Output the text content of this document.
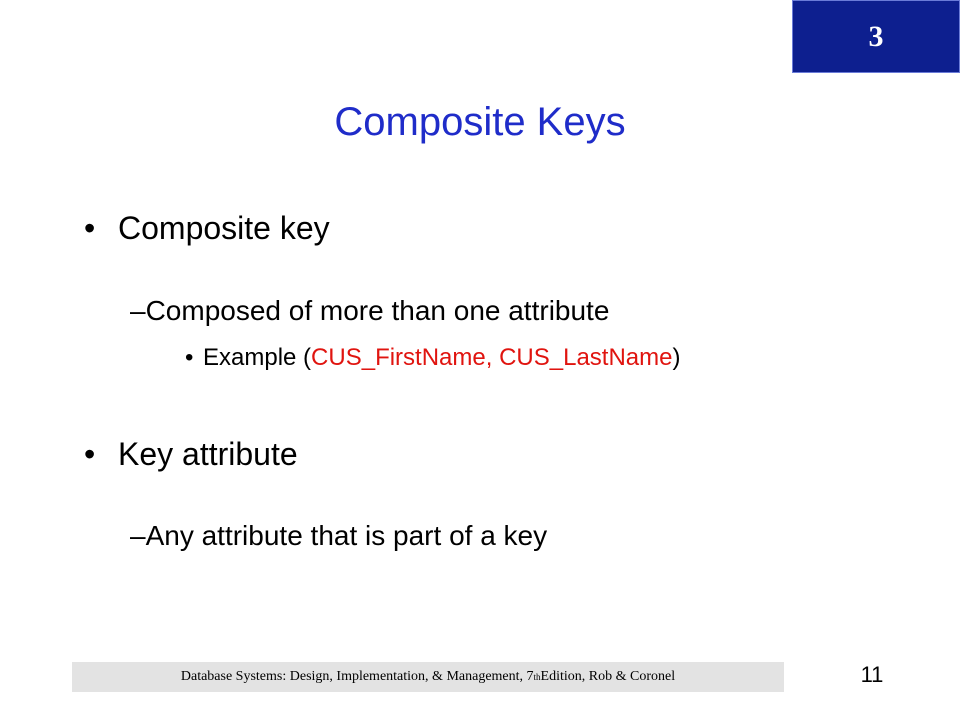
3
Composite Keys
• Composite key
–Composed of more than one attribute
• Example (CUS_FirstName, CUS_LastName)
• Key attribute
–Any attribute that is part of a key
Database Systems: Design, Implementation, & Management, 7 th Edition, Rob & Coronel	11
